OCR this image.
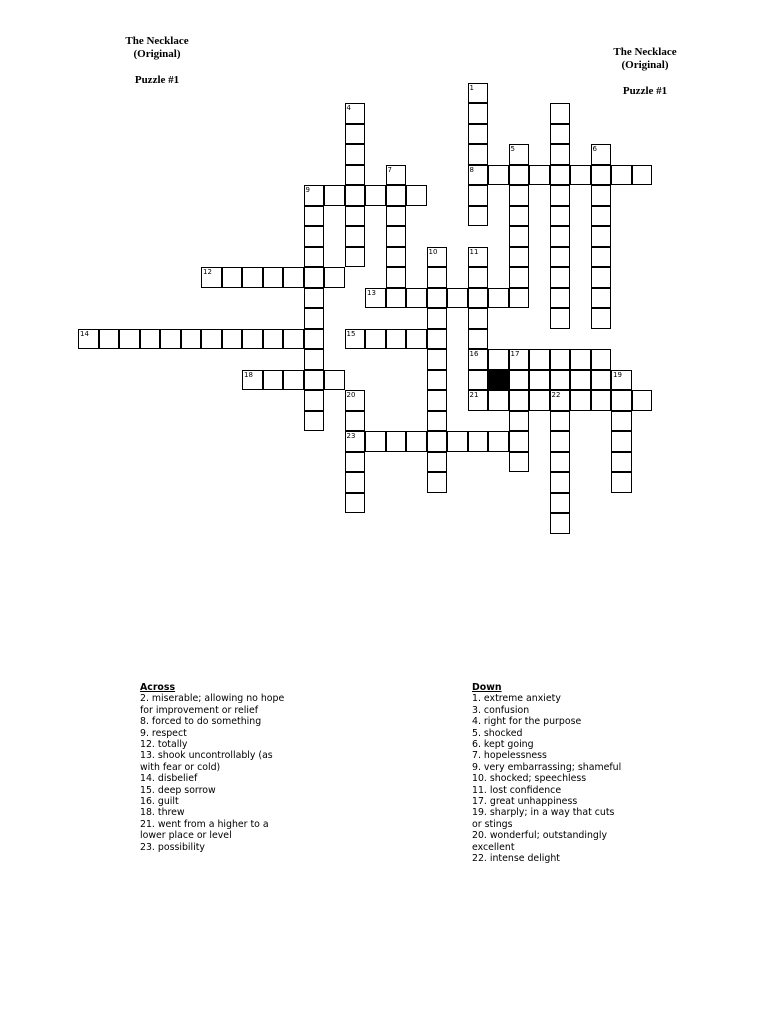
The Necklace
(Original)
Puzzle #1
The Necklace
(Original)
Puzzle #1
1
8
4
5	6
7
9
10	11
12
13
14	15
16	17
18	19
20
23
21	22
Across
2. miserable; allowing no hope
for improvement or relief
8. forced to do something
9. respect
12. totally
13. shook uncontrollably (as
with fear or cold)
14. disbelief
15. deep sorrow
16. guilt
18. threw
21. went from a higher to a
lower place or level
23. possibility
Down
1. extreme anxiety
3. confusion
4. right for the purpose
5. shocked
6. kept going
7. hopelessness
9. very embarrassing; shameful
10. shocked; speechless
11. lost confidence
17. great unhappiness
19. sharply; in a way that cuts
or stings
20. wonderful; outstandingly
excellent
22. intense delight
